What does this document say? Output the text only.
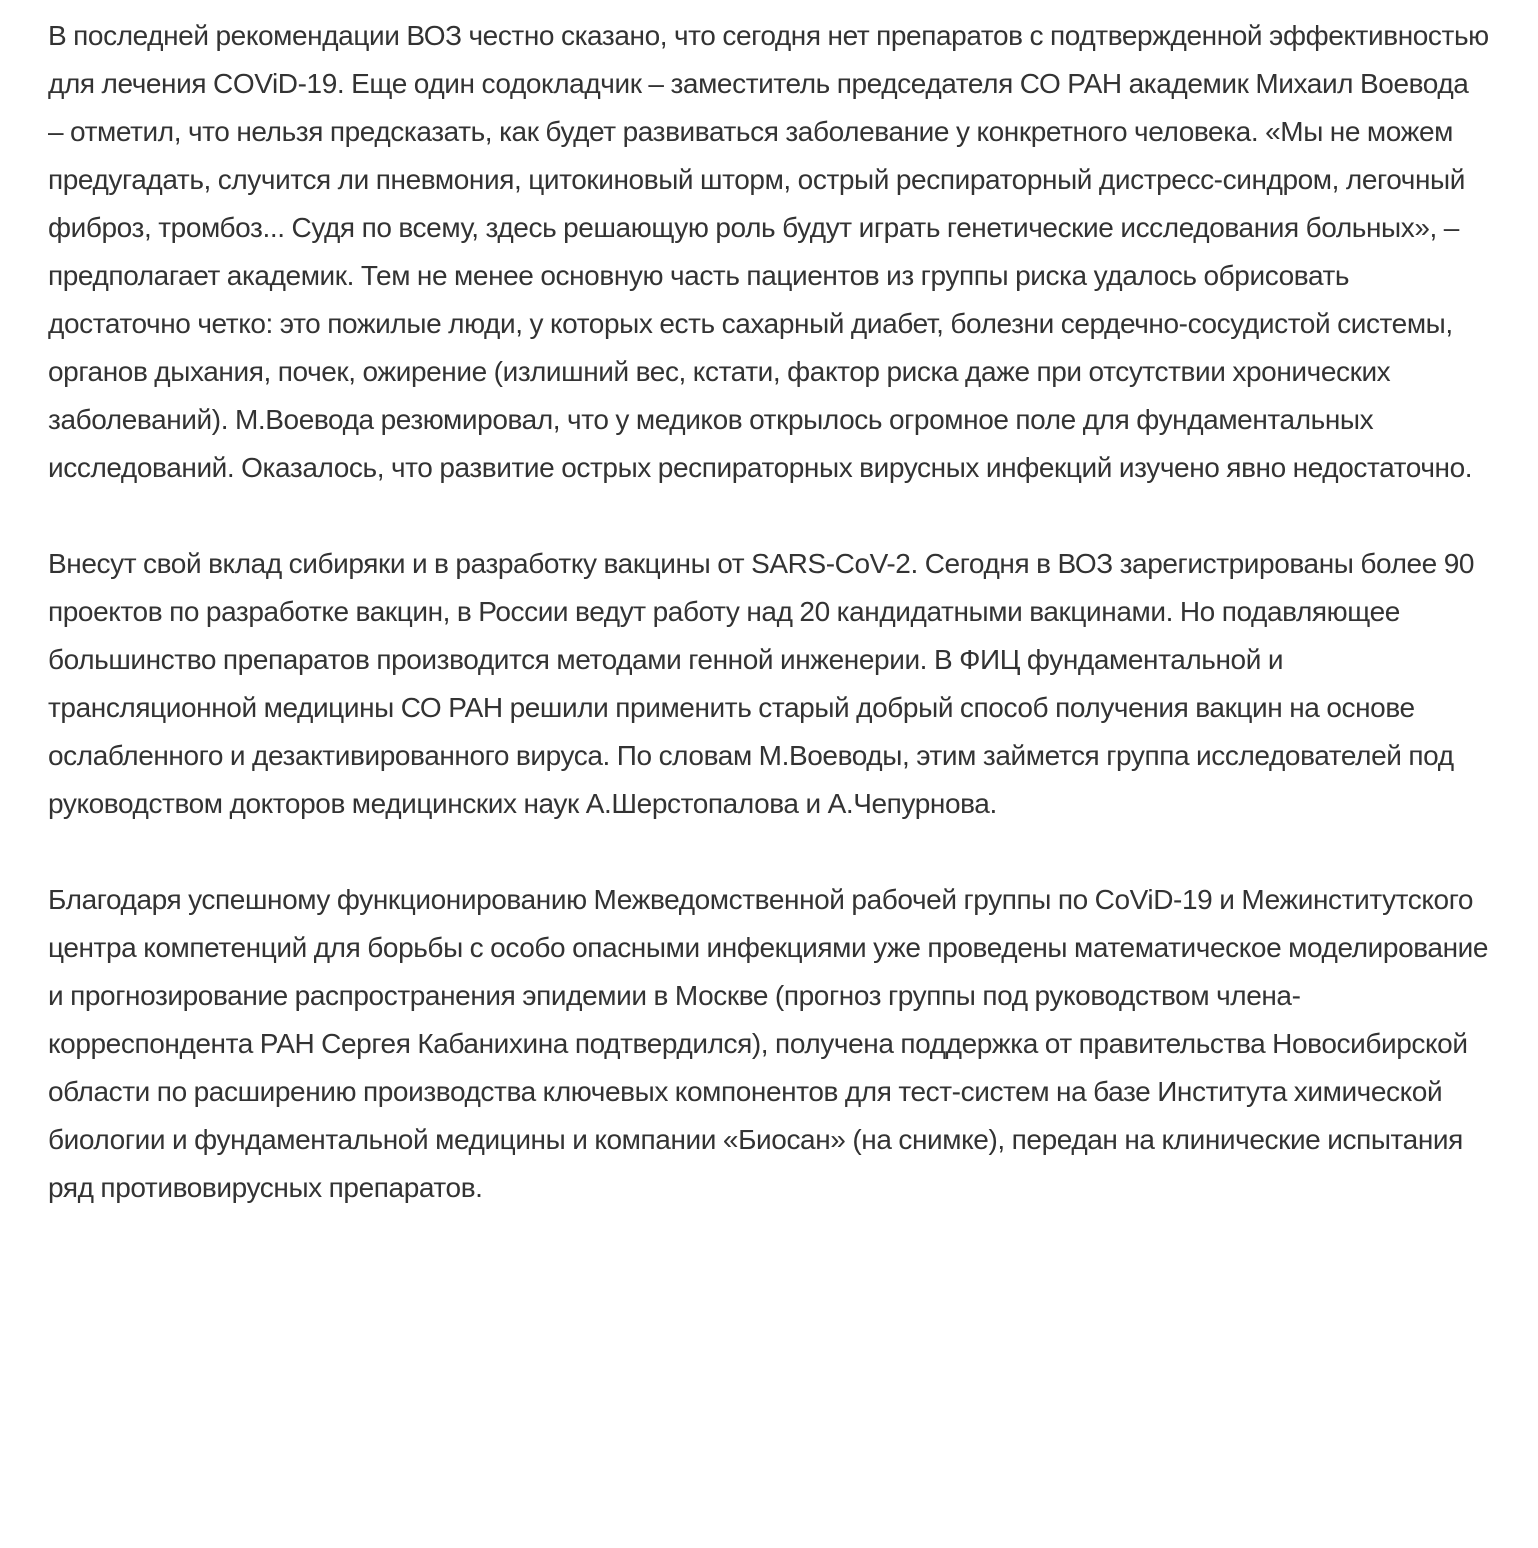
В последней рекомендации ВОЗ честно сказано, что сегодня нет препаратов с подтвержденной эффективностью для лечения COViD-19. Еще один содокладчик – заместитель председателя СО РАН академик Михаил Воевода – отметил, что нельзя предсказать, как будет развиваться заболевание у конкретного человека. «Мы не можем предугадать, случится ли пневмония, цитокиновый шторм, острый респираторный дистресс-синдром, легочный фиброз, тромбоз... Судя по всему, здесь решающую роль будут играть генетические исследования больных», – предполагает академик. Тем не менее основную часть пациентов из группы риска удалось обрисовать достаточно четко: это пожилые люди, у которых есть сахарный диабет, болезни сердечно-сосудистой системы, органов дыхания, почек, ожирение (излишний вес, кстати, фактор риска даже при отсутствии хронических заболеваний). М.Воевода резюмировал, что у медиков открылось огромное поле для фундаментальных исследований. Оказалось, что развитие острых респираторных вирусных инфекций изучено явно недостаточно.

Внесут свой вклад сибиряки и в разработку вакцины от SARS-CoV-2. Сегодня в ВОЗ зарегистрированы более 90 проектов по разработке вакцин, в России ведут работу над 20 кандидатными вакцинами. Но подавляющее большинство препаратов производится методами генной инженерии. В ФИЦ фундаментальной и трансляционной медицины СО РАН решили применить старый добрый способ получения вакцин на основе ослабленного и дезактивированного вируса. По словам М.Воеводы, этим займется группа исследователей под руководством докторов медицинских наук А.Шерстопалова и А.Чепурнова.

Благодаря успешному функционированию Межведомственной рабочей группы по CoViD-19 и Межинститутского центра компетенций для борьбы с особо опасными инфекциями уже проведены математическое моделирование и прогнозирование распространения эпидемии в Москве (прогноз группы под руководством члена-корреспондента РАН Сергея Кабанихина подтвердился), получена поддержка от правительства Новосибирской области по расширению производства ключевых компонентов для тест-систем на базе Института химической биологии и фундаментальной медицины и компании «Биосан» (на снимке), передан на клинические испытания ряд противовирусных препаратов.
